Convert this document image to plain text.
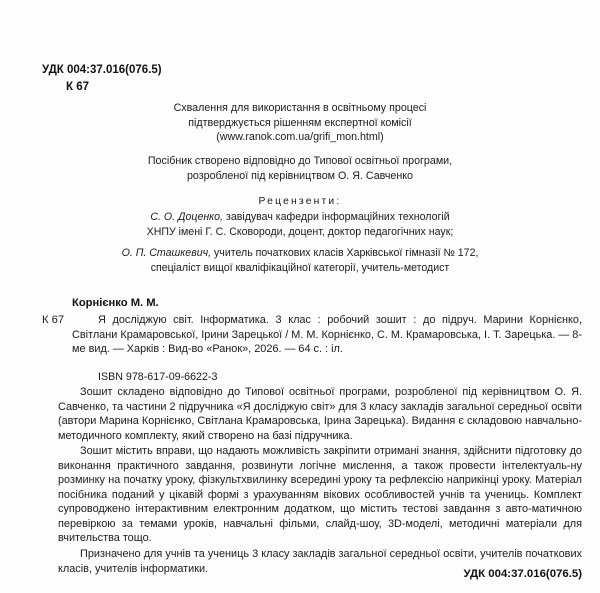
УДК 004:37.016(076.5)
К 67
Схвалення для використання в освітньому процесі
підтверджується рішенням експертної комісії
(www.ranok.com.ua/grifi_mon.html)
Посібник створено відповідно до Типової освітньої програми,
розробленої під керівництвом О. Я. Савченко
Рецензенти:
С. О. Доценко, завідувач кафедри інформаційних технологій
ХНПУ імені Г. С. Сковороди, доцент, доктор педагогічних наук;
О. П. Сташкевич, учитель початкових класів Харківської гімназії № 172,
спеціаліст вищої кваліфікаційної категорії, учитель-методист
К 67
Корнієнко М. М.
Я досліджую світ. Інформатика. 3 клас : робочий зошит : до підруч. Марини Корнієнко, Світлани Крамаровської, Ірини Зарецької / М. М. Корнієнко, С. М. Крамаровська, І. Т. Зарецька. — 8-ме вид. — Харків : Вид-во «Ранок», 2026. — 64 с. : іл.
ISBN 978-617-09-6622-3

Зошит складено відповідно до Типової освітньої програми, розробленої під керівництвом О. Я. Савченко, та частини 2 підручника «Я досліджую світ» для 3 класу закладів загальної середньої освіти (автори Марина Корнієнко, Світлана Крамаровська, Ірина Зарецька). Видання є складовою навчально-методичного комплекту, який створено на базі підручника.

Зошит містить вправи, що надають можливість закріпити отримані знання, здійснити підготовку до виконання практичного завдання, розвинути логічне мислення, а також провести інтелектуаль-ну розминку на початку уроку, фізкультхвилинку всередині уроку та рефлексію наприкінці уроку. Матеріал посібника поданий у цікавій формі з урахуванням вікових особливостей учнів та учениць. Комплект супроводжено інтерактивним електронним додатком, що містить тестові завдання з авто-матичною перевіркою за темами уроків, навчальні фільми, слайд-шоу, 3D-моделі, методичні матеріали для вчительства тощо.

Призначено для учнів та учениць 3 класу закладів загальної середньої освіти, учителів початкових класів, учителів інформатики.	УДК 004:37.016(076.5)
